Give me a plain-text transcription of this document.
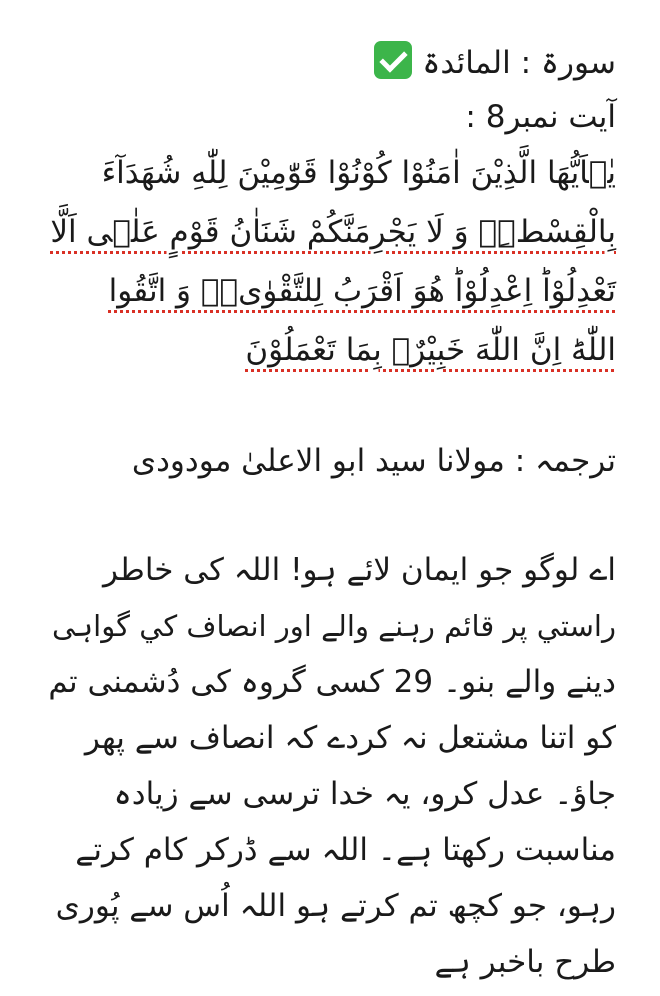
سورۃ : المائدۃ
آیت نمبر8 :
یٰۤاَیُّهَا الَّذِیْنَ اٰمَنُوْا كُوْنُوْا قَوّٰمِیْنَ لِلّٰهِ شُهَدَآءَ
بِالْقِسْطِ٘ؗ وَ لَا یَجْرِمَنَّكُمْ شَنَاٰنُ قَوْمٍ عَلٰۤى اَلَّا
تَعْدِلُوْاؕ اِعْدِلُوْاؕ هُوَ اَقْرَبُ لِلتَّقْوٰى٘ؗ وَ اتَّقُوا
اللّٰهَؕ اِنَّ اللّٰهَ خَبِیْرٌۢ بِمَا تَعْمَلُوْنَ
ترجمہ : مولانا سید ابو الاعلیٰ مودودی
اے لوگو جو ایمان لائے ہو! اللہ کی خاطر
راستي پر قائم رہنے والے اور انصاف کي گواہی
دینے والے بنو۔ 29 کسی گروہ کی دُشمنی تم
کو اتنا مشتعل نہ کردے کہ انصاف سے پھر
جاؤ۔ عدل کرو، یہ خدا ترسی سے زیادہ
مناسبت رکھتا ہے۔ اللہ سے ڈرکر کام کرتے
رہو، جو کچھ تم کرتے ہو اللہ اُس سے پُوری
طرح باخبر ہے
